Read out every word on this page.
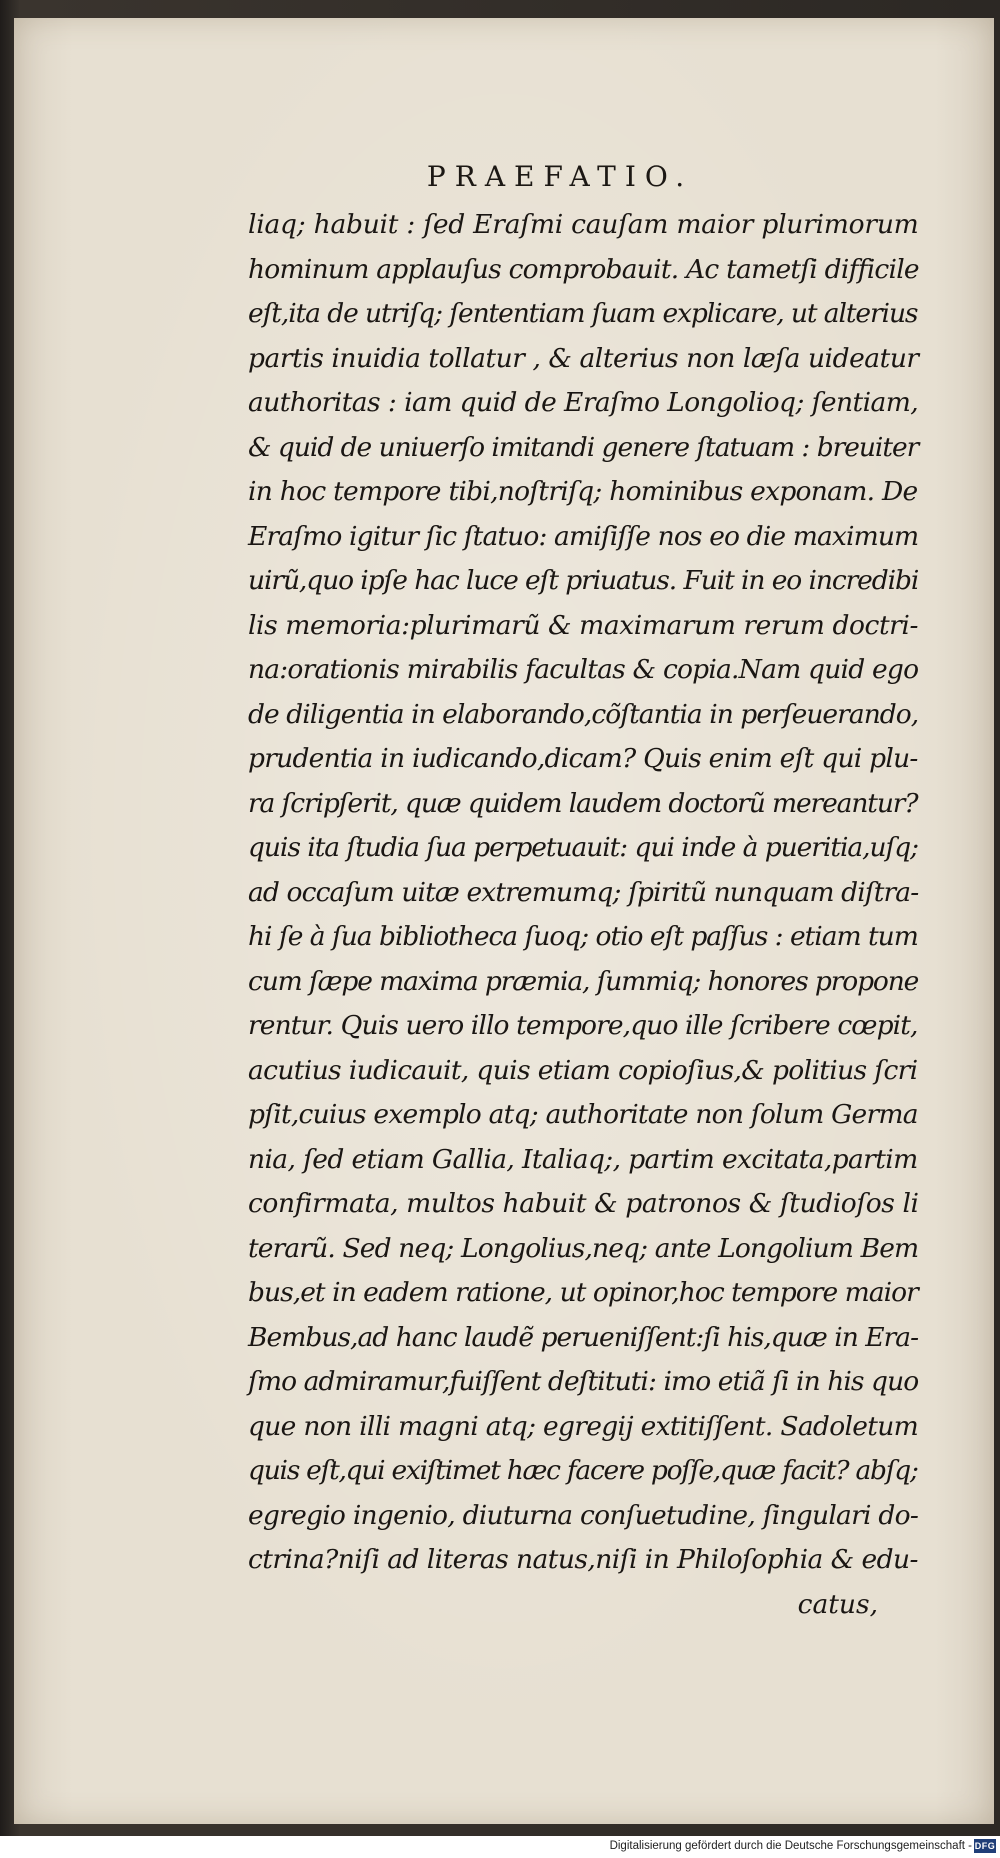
PRAEFATIO.
liaq; habuit : ſed Eraſmi cauſam maior plurimorum
hominum applauſus comprobauit. Ac tametſi difficile
eſt,ita de utriſq; ſententiam ſuam explicare, ut alterius
partis inuidia tollatur , & alterius non læſa uideatur
authoritas : iam quid de Eraſmo Longolioq; ſentiam,
& quid de uniuerſo imitandi genere ſtatuam : breuiter
in hoc tempore tibi,noſtriſq; hominibus exponam. De
Eraſmo igitur ſic ſtatuo: amiſiſſe nos eo die maximum
uirũ,quo ipſe hac luce eſt priuatus. Fuit in eo incredibi
lis memoria:plurimarũ & maximarum rerum doctri-
na:orationis mirabilis facultas & copia.Nam quid ego
de diligentia in elaborando,cõſtantia in perſeuerando,
prudentia in iudicando,dicam? Quis enim eſt qui plu-
ra ſcripſerit, quæ quidem laudem doctorũ mereantur?
quis ita ſtudia ſua perpetuauit: qui inde à pueritia,uſq;
ad occaſum uitæ extremumq; ſpiritũ nunquam diſtra-
hi ſe à ſua bibliotheca ſuoq; otio eſt paſſus : etiam tum
cum ſæpe maxima præmia, ſummiq; honores propone
rentur. Quis uero illo tempore,quo ille ſcribere cœpit,
acutius iudicauit, quis etiam copioſius,& politius ſcri
pſit,cuius exemplo atq; authoritate non ſolum Germa
nia, ſed etiam Gallia, Italiaq;, partim excitata,partim
confirmata, multos habuit & patronos & ſtudioſos li
terarũ. Sed neq; Longolius,neq; ante Longolium Bem
bus,et in eadem ratione, ut opinor,hoc tempore maior
Bembus,ad hanc laudẽ perueniſſent:ſi his,quæ in Era-
ſmo admiramur,fuiſſent deſtituti: imo etiã ſi in his quo
que non illi magni atq; egregij extitiſſent. Sadoletum
quis eſt,qui exiſtimet hæc facere poſſe,quæ facit? abſq;
egregio ingenio, diuturna conſuetudine, ſingulari do-
ctrina?niſi ad literas natus,niſi in Philoſophia & edu-
catus,
Digitalisierung gefördert durch die Deutsche Forschungsgemeinschaft - DFG
